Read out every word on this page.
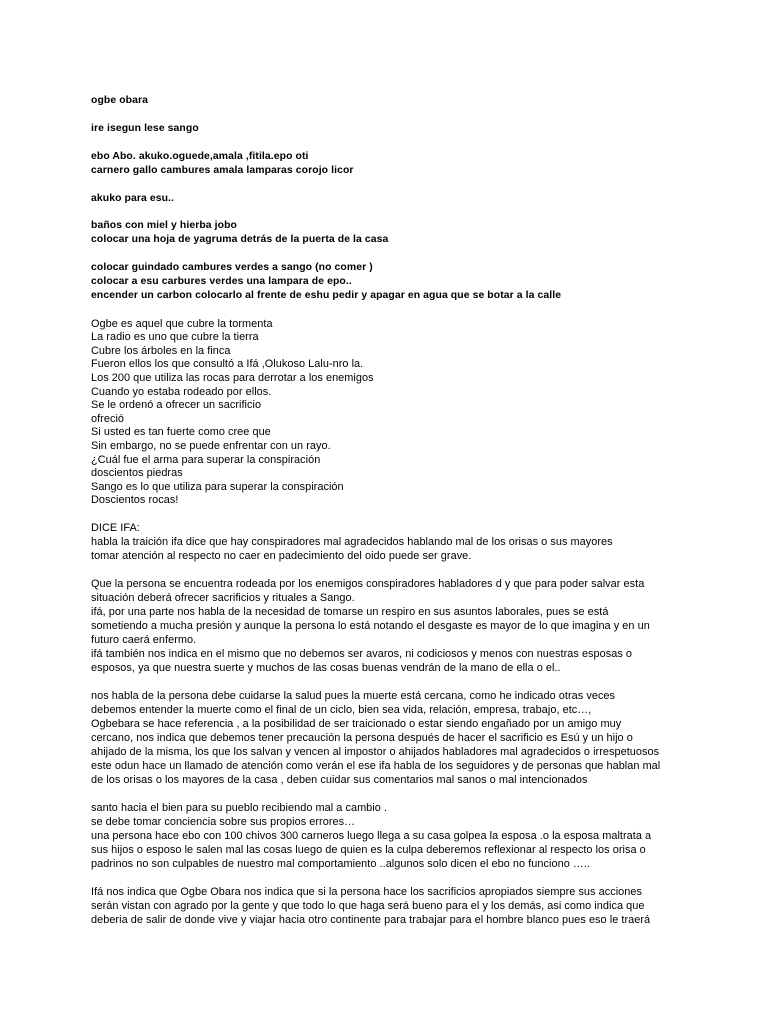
ogbe obara
ire isegun lese sango
ebo Abo. akuko.oguede,amala ,fitila.epo oti
carnero gallo cambures amala lamparas corojo licor
akuko para esu..
baños con miel y hierba jobo
colocar una hoja de yagruma detrás de la puerta de la casa
colocar guindado cambures verdes a sango (no comer )
colocar a esu carbures verdes una lampara de epo..
encender un carbon colocarlo al frente de eshu pedir y apagar en agua que se botar a la calle
Ogbe es aquel que cubre la tormenta
La radio es uno que cubre la tierra
Cubre los árboles en la finca
Fueron ellos los que consultó a Ifá ,Olukoso Lalu-nro la.
Los 200 que utiliza las rocas para derrotar a los enemigos
Cuando yo estaba rodeado por ellos.
Se le ordenó a ofrecer un sacrificio
ofreció
Si usted es tan fuerte como cree que
Sin embargo, no se puede enfrentar con un rayo.
¿Cuál fue el arma para superar la conspiración
doscientos piedras
Sango es lo que utiliza para superar la conspiración
Doscientos rocas!
DICE IFA:
habla la traición ifa dice que hay conspiradores mal agradecidos hablando mal de los orisas o sus mayores
tomar atención al respecto no caer en padecimiento del oido puede ser grave.
Que la persona se encuentra rodeada por los enemigos conspiradores habladores d y que para poder salvar esta
situación deberá ofrecer sacrificios y rituales a Sango.
ifá, por una parte nos habla de la necesidad de tomarse un respiro en sus asuntos laborales, pues se está
sometiendo a mucha presión y aunque la persona lo está notando el desgaste es mayor de lo que imagina y en un
futuro caerá enfermo.
ifá también nos indica en el mismo que no debemos ser avaros, ni codiciosos y menos con nuestras esposas o
esposos, ya que nuestra suerte y muchos de las cosas buenas vendrán de la mano de ella o el..
nos habla de la persona debe cuidarse la salud pues la muerte está cercana, como he indicado otras veces
debemos entender la muerte como el final de un ciclo, bien sea vida, relación, empresa, trabajo, etc…,
Ogbebara se hace referencia , a la posibilidad de ser traicionado o estar siendo engañado por un amigo muy
cercano, nos indica que debemos tener precaución la persona después de hacer el sacrificio es Esú y un hijo o
ahijado de la misma, los que los salvan y vencen al impostor o ahijados habladores mal agradecidos o irrespetuosos
este odun hace un llamado de atención como verán el ese ifa habla de los seguidores y de personas que hablan mal
de los orisas o los mayores de la casa , deben cuidar sus comentarios mal sanos o mal intencionados
santo hacia el bien para su pueblo recibiendo mal a cambio .
se debe tomar conciencia sobre sus propios errores…
una persona hace ebo con 100 chivos 300 carneros luego llega a su casa golpea la esposa .o la esposa maltrata a
sus hijos o esposo le salen mal las cosas luego de quien es la culpa deberemos reflexionar al respecto los orisa o
padrinos no son culpables de nuestro mal comportamiento ..algunos solo dicen el ebo no funciono …..
Ifá nos indica que Ogbe Obara nos indica que si la persona hace los sacrificios apropiados siempre sus acciones
serán vistan con agrado por la gente y que todo lo que haga será bueno para el y los demás, asi como indica que
deberia de salir de donde vive y viajar hacia otro continente para trabajar para el hombre blanco pues eso le traerá
